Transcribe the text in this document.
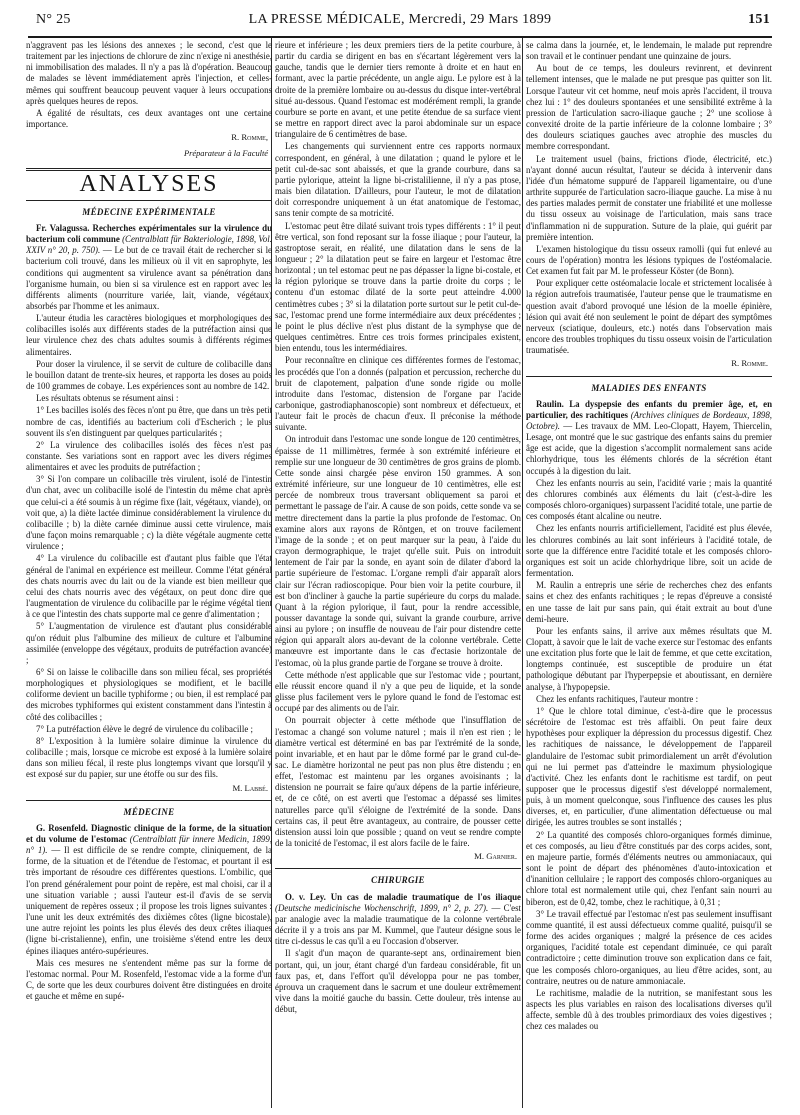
N° 25	LA PRESSE MÉDICALE, Mercredi, 29 Mars 1899	151

n'aggravent pas les lésions des annexes ; le second, c'est que le traitement par les injections de chlorure de zinc n'exige ni anesthésie, ni immobilisation des malades. Il n'y a pas là d'opération. Beaucoup de malades se lèvent immédiatement après l'injection, et celles-mêmes qui souffrent beaucoup peuvent vaquer à leurs occupations après quelques heures de repos.

A égalité de résultats, ces deux avantages ont une certaine importance.

R. Romme,
Préparateur à la Faculté
ANALYSES
MÉDECINE EXPÉRIMENTALE

Fr. Valagussa. Recherches expérimentales sur la virulence du bacterium coli commune (Centralblatt für Bakteriologie, 1898, Vol. XXIV n° 20, p. 750). — Le but de ce travail était de rechercher si le bacterium coli trouvé, dans les milieux où il vit en saprophyte, les conditions qui augmentent sa virulence avant sa pénétration dans l'organisme humain, ou bien si sa virulence est en rapport avec les différents aliments (nourriture variée, lait, viande, végétaux) absorbés par l'homme et les animaux.

L'auteur étudia les caractères biologiques et morphologiques des colibacilles isolés aux différents stades de la putréfaction ainsi que leur virulence chez des chats adultes soumis à différents régimes alimentaires.

Pour doser la virulence, il se servit de culture de colibacille dans le bouillon datant de trente-six heures, et rapporta les doses au poids de 100 grammes de cobaye. Les expériences sont au nombre de 142.

Les résultats obtenus se résument ainsi :

1° Les bacilles isolés des fèces n'ont pu être, que dans un très petit nombre de cas, identifiés au bacterium coli d'Escherich ; le plus souvent ils s'en distinguent par quelques particularités ;

2° La virulence des colibacilles isolés des fèces n'est pas constante. Ses variations sont en rapport avec les divers régimes alimentaires et avec les produits de putréfaction ;

3° Si l'on compare un colibacille très virulent, isolé de l'intestin d'un chat, avec un colibacille isolé de l'intestin du même chat après que celui-ci a été soumis à un régime fixe (lait, végétaux, viande), on voit que, a) la diète lactée diminue considérablement la virulence du colibacille ; b) la diète carnée diminue aussi cette virulence, mais d'une façon moins remarquable ; c) la diète végétale augmente cette virulence ;

4° La virulence du colibacille est d'autant plus faible que l'état général de l'animal en expérience est meilleur. Comme l'état général des chats nourris avec du lait ou de la viande est bien meilleur que celui des chats nourris avec des végétaux, on peut donc dire que l'augmentation de virulence du colibacille par le régime végétal tient à ce que l'intestin des chats supporte mal ce genre d'alimentation ;

5° L'augmentation de virulence est d'autant plus considérable qu'on réduit plus l'albumine des milieux de culture et l'albumine assimilée (enveloppe des végétaux, produits de putréfaction avancée) ;

6° Si on laisse le colibacille dans son milieu fécal, ses propriétés morphologiques et physiologiques se modifient, et le bacille coliforme devient un bacille typhiforme ; ou bien, il est remplacé par des microbes typhiformes qui existent constamment dans l'intestin à côté des colibacilles ;

7° La putréfaction élève le degré de virulence du colibacille ;

8° L'exposition à la lumière solaire diminue la virulence du colibacille ; mais, lorsque ce microbe est exposé à la lumière solaire dans son milieu fécal, il reste plus longtemps vivant que lorsqu'il y est exposé sur du papier, sur une étoffe ou sur des fils.

M. Labbé.
MÉDECINE

G. Rosenfeld. Diagnostic clinique de la forme, de la situation et du volume de l'estomac (Centralblatt für innere Medicin, 1899, n° 1). — Il est difficile de se rendre compte, cliniquement, de la forme, de la situation et de l'étendue de l'estomac, et pourtant il est très important de résoudre ces différentes questions. L'ombilic, que l'on prend généralement pour point de repère, est mal choisi, car il a une situation variable ; aussi l'auteur est-il d'avis de se servir uniquement de repères osseux ; il propose les trois lignes suivantes : l'une unit les deux extrémités des dixièmes côtes (ligne bicostale), une autre rejoint les points les plus élevés des deux crêtes iliaques (ligne bi-cristalienne), enfin, une troisième s'étend entre les deux épines iliaques antéro-supérieures.

Mais ces mesures ne s'entendent même pas sur la forme de l'estomac normal. Pour M. Rosenfeld, l'estomac vide a la forme d'un C, de sorte que les deux courbures doivent être distinguées en droite et gauche et même en supé-

rieure et inférieure ; les deux premiers tiers de la petite courbure, à partir du cardia se dirigent en bas en s'écartant légèrement vers la gauche, tandis que le dernier tiers remonte à droite et en haut en formant, avec la partie précédente, un angle aigu. Le pylore est à la droite de la première lombaire ou au-dessus du disque inter-vertébral situé au-dessous. Quand l'estomac est modérément rempli, la grande courbure se porte en avant, et une petite étendue de sa surface vient se mettre en rapport direct avec la paroi abdominale sur un espace triangulaire de 6 centimètres de base.

Les changements qui surviennent entre ces rapports normaux correspondent, en général, à une dilatation ; quand le pylore et le petit cul-de-sac sont abaissés, et que la grande courbure, dans sa partie pylorique, atteint la ligne bi-cristalilienne, il n'y a pas ptose, mais bien dilatation. D'ailleurs, pour l'auteur, le mot de dilatation doit correspondre uniquement à un état anatomique de l'estomac, sans tenir compte de sa motricité.

L'estomac peut être dilaté suivant trois types différents : 1° il peut être vertical, son fond reposant sur la fosse iliaque ; pour l'auteur, la gastroptose serait, en réalité, une dilatation dans le sens de la longueur ; 2° la dilatation peut se faire en largeur et l'estomac être horizontal ; un tel estomac peut ne pas dépasser la ligne bi-costale, et la région pylorique se trouve dans la partie droite du corps ; le contenu d'un estomac dilaté de la sorte peut atteindre 4.000 centimètres cubes ; 3° si la dilatation porte surtout sur le petit cul-de-sac, l'estomac prend une forme intermédiaire aux deux précédentes ; le point le plus déclive n'est plus distant de la symphyse que de quelques centimètres. Entre ces trois formes principales existent, bien entendu, tous les intermédiaires.

Pour reconnaître en clinique ces différentes formes de l'estomac, les procédés que l'on a donnés (palpation et percussion, recherche du bruit de clapotement, palpation d'une sonde rigide ou molle introduite dans l'estomac, distension de l'organe par l'acide carbonique, gastrodiaphanoscopie) sont nombreux et défectueux, et l'auteur fait le procès de chacun d'eux. Il préconise la méthode suivante.

On introduit dans l'estomac une sonde longue de 120 centimètres, épaisse de 11 millimètres, fermée à son extrémité inférieure et remplie sur une longueur de 30 centimètres de gros grains de plomb. Cette sonde ainsi chargée pèse environ 150 grammes. A son extrémité inférieure, sur une longueur de 10 centimètres, elle est percée de nombreux trous traversant obliquement sa paroi et permettant le passage de l'air. A cause de son poids, cette sonde va se mettre directement dans la partie la plus profonde de l'estomac. On examine alors aux rayons de Röntgen, et on trouve facilement l'image de la sonde ; et on peut marquer sur la peau, à l'aide du crayon dermographique, le trajet qu'elle suit. Puis on introduit lentement de l'air par la sonde, en ayant soin de dilater d'abord la partie supérieure de l'estomac. L'organe rempli d'air apparaît alors clair sur l'écran radioscopique. Pour bien voir la petite courbure, il est bon d'incliner à gauche la partie supérieure du corps du malade. Quant à la région pylorique, il faut, pour la rendre accessible, pousser davantage la sonde qui, suivant la grande courbure, arrive ainsi au pylore ; on insuffle de nouveau de l'air pour distendre cette région qui apparaît alors au-devant de la colonne vertébrale. Cette manœuvre est importante dans le cas d'ectasie horizontale de l'estomac, où la plus grande partie de l'organe se trouve à droite.

Cette méthode n'est applicable que sur l'estomac vide ; pourtant, elle réussit encore quand il n'y a que peu de liquide, et la sonde glisse plus facilement vers le pylore quand le fond de l'estomac est occupé par des aliments ou de l'air.

On pourrait objecter à cette méthode que l'insufflation de l'estomac a changé son volume naturel ; mais il n'en est rien ; le diamètre vertical est déterminé en bas par l'extrémité de la sonde, point invariable, et en haut par le dôme formé par le grand cul-de-sac. Le diamètre horizontal ne peut pas non plus être distendu ; en effet, l'estomac est maintenu par les organes avoisinants ; la distension ne pourrait se faire qu'aux dépens de la partie inférieure, et, de ce côté, on est averti que l'estomac a dépassé ses limites naturelles parce qu'il s'éloigne de l'extrémité de la sonde. Dans certains cas, il peut être avantageux, au contraire, de pousser cette distension aussi loin que possible ; quand on veut se rendre compte de la tonicité de l'estomac, il est alors facile de le faire.

M. Garnier.
CHIRURGIE

O. v. Ley. Un cas de maladie traumatique de l'os iliaque (Deutsche medicinische Wochenschrift, 1899, n° 2, p. 27). — C'est par analogie avec la maladie traumatique de la colonne vertébrale décrite il y a trois ans par M. Kummel, que l'auteur désigne sous le titre ci-dessus le cas qu'il a eu l'occasion d'observer.

Il s'agit d'un maçon de quarante-sept ans, ordinairement bien portant, qui, un jour, étant chargé d'un fardeau considérable, fit un faux pas, et, dans l'effort qu'il développa pour ne pas tomber, éprouva un craquement dans le sacrum et une douleur extrêmement vive dans la moitié gauche du bassin. Cette douleur, très intense au début,

se calma dans la journée, et, le lendemain, le malade put reprendre son travail et le continuer pendant une quinzaine de jours.

Au bout de ce temps, les douleurs revinrent, et devinrent tellement intenses, que le malade ne put presque pas quitter son lit. Lorsque l'auteur vit cet homme, neuf mois après l'accident, il trouva chez lui : 1° des douleurs spontanées et une sensibilité extrême à la pression de l'articulation sacro-iliaque gauche ; 2° une scoliose à convexité droite de la partie inférieure de la colonne lombaire ; 3° des douleurs sciatiques gauches avec atrophie des muscles du membre correspondant.

Le traitement usuel (bains, frictions d'iode, électricité, etc.) n'ayant donné aucun résultat, l'auteur se décida à intervenir dans l'idée d'un hématome suppuré de l'appareil ligamentaire, ou d'une arthrite suppurée de l'articulation sacro-iliaque gauche. La mise à nu des parties malades permit de constater une friabilité et une mollesse du tissu osseux au voisinage de l'articulation, mais sans trace d'inflammation ni de suppuration. Suture de la plaie, qui guérit par première intention.

L'examen histologique du tissu osseux ramolli (qui fut enlevé au cours de l'opération) montra les lésions typiques de l'ostéomalacie. Cet examen fut fait par M. le professeur Köster (de Bonn).

Pour expliquer cette ostéomalacie locale et strictement localisée à la région autrefois traumatisée, l'auteur pense que le traumatisme en question avait d'abord provoqué une lésion de la moelle épinière, lésion qui avait été non seulement le point de départ des symptômes nerveux (sciatique, douleurs, etc.) notés dans l'observation mais encore des troubles trophiques du tissu osseux voisin de l'articulation traumatisée.

R. Romme.
MALADIES DES ENFANTS

Raulin. La dyspepsie des enfants du premier âge, et, en particulier, des rachitiques (Archives cliniques de Bordeaux, 1898, Octobre). — Les travaux de MM. Leo-Clopatt, Hayem, Thiercelin, Lesage, ont montré que le suc gastrique des enfants sains du premier âge est acide, que la digestion s'accomplit normalement sans acide chlorhydrique, tous les éléments chlorés de la sécrétion étant occupés à la digestion du lait.

Chez les enfants nourris au sein, l'acidité varie ; mais la quantité des chlorures combinés aux éléments du lait (c'est-à-dire les composés chloro-organiques) surpassent l'acidité totale, une partie de ces composés étant alcaline ou neutre.

Chez les enfants nourris artificiellement, l'acidité est plus élevée, les chlorures combinés au lait sont inférieurs à l'acidité totale, de sorte que la différence entre l'acidité totale et les composés chloro-organiques est soit un acide chlorhydrique libre, soit un acide de fermentation.

M. Raulin a entrepris une série de recherches chez des enfants sains et chez des enfants rachitiques ; le repas d'épreuve a consisté en une tasse de lait pur sans pain, qui était extrait au bout d'une demi-heure.

Pour les enfants sains, il arrive aux mêmes résultats que M. Clopatt, à savoir que le lait de vache exerce sur l'estomac des enfants une excitation plus forte que le lait de femme, et que cette excitation, longtemps continuée, est susceptible de produire un état pathologique débutant par l'hyperpepsie et aboutissant, en dernière analyse, à l'hypopepsie.

Chez les enfants rachitiques, l'auteur montre :

1° Que le chlore total diminue, c'est-à-dire que le processus sécrétoire de l'estomac est très affaibli. On peut faire deux hypothèses pour expliquer la dépression du processus digestif. Chez les rachitiques de naissance, le développement de l'appareil glandulaire de l'estomac subit primordialement un arrêt d'évolution qui ne lui permet pas d'atteindre le maximum physiologique d'activité. Chez les enfants dont le rachitisme est tardif, on peut supposer que le processus digestif s'est développé normalement, puis, à un moment quelconque, sous l'influence des causes les plus diverses, et, en particulier, d'une alimentation défectueuse ou mal dirigée, les autres troubles se sont installés ;

2° La quantité des composés chloro-organiques formés diminue, et ces composés, au lieu d'être constitués par des corps acides, sont, en majeure partie, formés d'éléments neutres ou ammoniacaux, qui sont le point de départ des phénomènes d'auto-intoxication et d'inanition cellulaire ; le rapport des composés chloro-organiques au chlore total est normalement utile qui, chez l'enfant sain nourri au biberon, est de 0,42, tombe, chez le rachitique, à 0,31 ;

3° Le travail effectué par l'estomac n'est pas seulement insuffisant comme quantité, il est aussi défectueux comme qualité, puisqu'il se forme des acides organiques ; malgré la présence de ces acides organiques, l'acidité totale est cependant diminuée, ce qui paraît contradictoire ; cette diminution trouve son explication dans ce fait, que les composés chloro-organiques, au lieu d'être acides, sont, au contraire, neutres ou de nature ammoniacale.

Le rachitisme, maladie de la nutrition, se manifestant sous les aspects les plus variables en raison des localisations diverses qu'il affecte, semble dû à des troubles primordiaux des voies digestives ; chez ces malades ou
